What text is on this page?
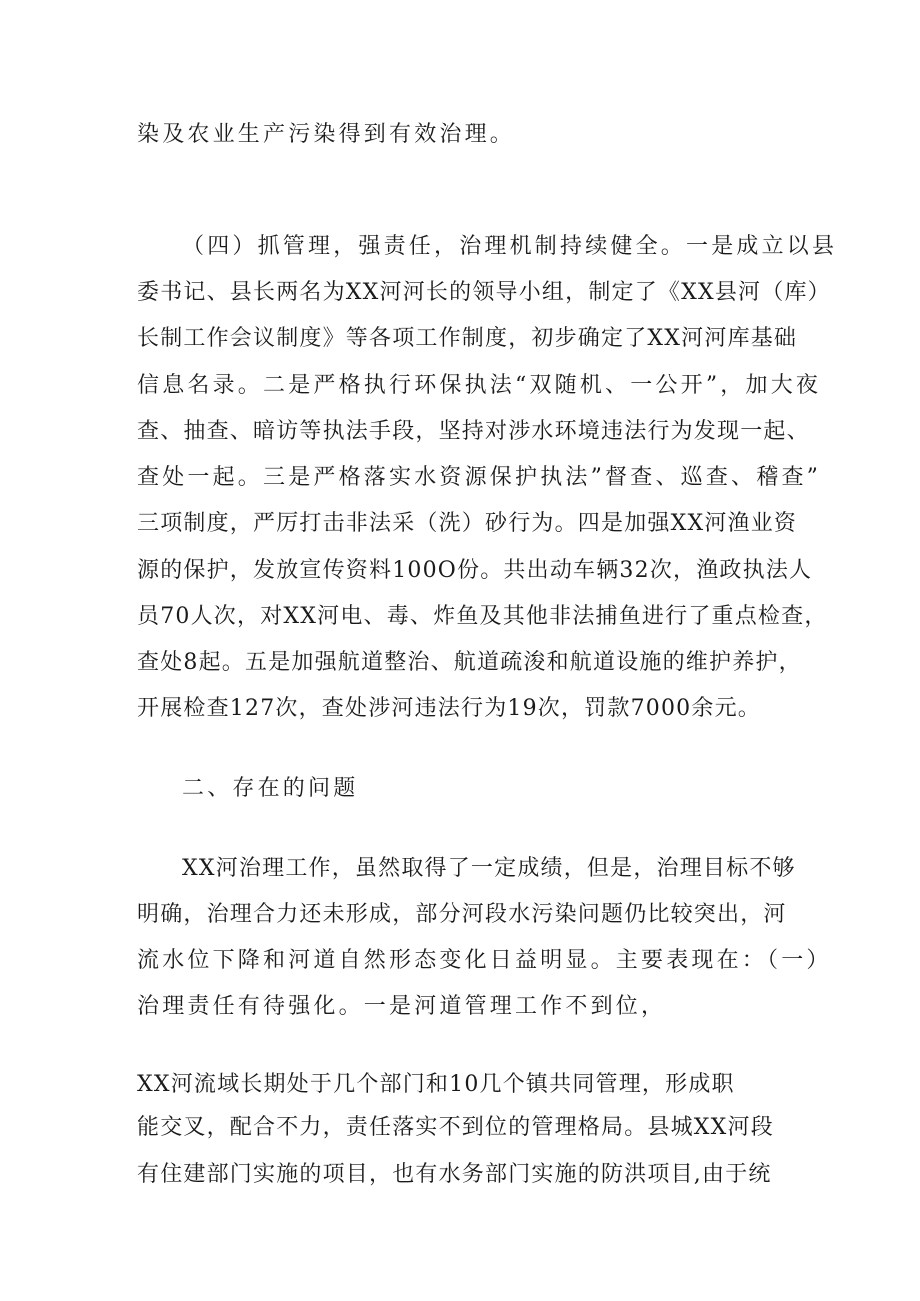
染及农业生产污染得到有效治理。
（四）抓管理，强责任，治理机制持续健全。一是成立以县
委书记、县长两名为XX河河长的领导小组，制定了《XX县河（库）
长制工作会议制度》等各项工作制度，初步确定了XX河河库基础
信息名录。二是严格执行环保执法“双随机、一公开”，加大夜
查、抽查、暗访等执法手段，坚持对涉水环境违法行为发现一起、
查处一起。三是严格落实水资源保护执法”督查、巡查、稽查”
三项制度，严厉打击非法采（洗）砂行为。四是加强XX河渔业资
源的保护，发放宣传资料100O份。共出动车辆32次，渔政执法人
员70人次，对XX河电、毒、炸鱼及其他非法捕鱼进行了重点检查，
查处8起。五是加强航道整治、航道疏浚和航道设施的维护养护，
开展检查127次，查处涉河违法行为19次，罚款7000余元。
二、存在的问题
XX河治理工作，虽然取得了一定成绩，但是，治理目标不够
明确，治理合力还未形成，部分河段水污染问题仍比较突出，河
流水位下降和河道自然形态变化日益明显。主要表现在：（一）
治理责任有待强化。一是河道管理工作不到位，
XX河流域长期处于几个部门和10几个镇共同管理，形成职
能交叉，配合不力，责任落实不到位的管理格局。县城XX河段
有住建部门实施的项目，也有水务部门实施的防洪项目,由于统
